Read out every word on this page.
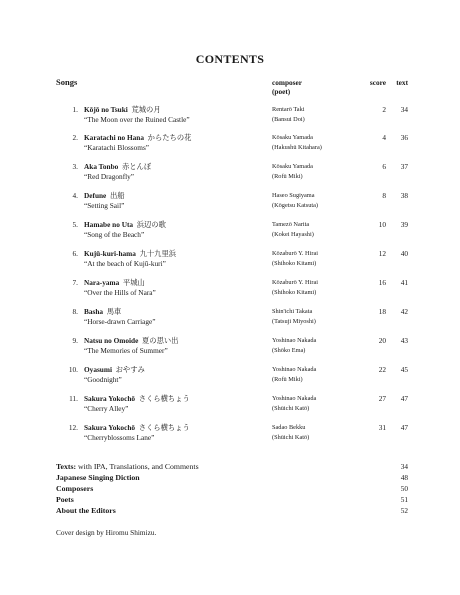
CONTENTS
Songs	composer
(poet)
score	text
1. Kōjō no Tsuki 荒城の月
“The Moon over the Ruined Castle”
Rentarō Taki
(Bansui Doi)
2	34
2. Karatachi no Hana からたちの花
“Karatachi Blossoms”
Kōsaku Yamada
(Hakushū Kitahara)
4	36
3. Aka Tonbo 赤とんぼ
“Red Dragonfly”
Kōsaku Yamada
(Rofū Miki)
6	37
4. Defune 出船
“Setting Sail”
Haseo Sugiyama
(Kōgetsu Katsuta)
8	38
5. Hamabe no Uta 浜辺の歌
“Song of the Beach”
Tamezō Narita
(Kokei Hayashi)
10	39
6. Kujū-kuri-hama 九十九里浜
“At the beach of Kujū-kuri”
Kōzaburō Y. Hirai
(Shihoko Kitami)
12	40
7. Nara-yama 平城山
“Over the Hills of Nara”
Kōzaburō Y. Hirai
(Shihoko Kitami)
16	41
8. Basha 馬車
“Horse-drawn Carriage”
Shin'ichi Takata
(Tatsuji Miyoshi)
18	42
9. Natsu no Omoide 夏の思い出
“The Memories of Summer”
Yoshinao Nakada
(Shōko Ema)
20	43
10. Oyasumi おやすみ
“Goodnight”
Yoshinao Nakada
(Rofū Miki)
22	45
11. Sakura Yokochō さくら横ちょう
“Cherry Alley”
Yoshinao Nakada
(Shūichi Katō)
27	47
12. Sakura Yokochō さくら横ちょう
“Cherryblossoms Lane”
Sadao Bekku
(Shūichi Katō)
31	47
Texts: with IPA, Translations, and Comments	34
Japanese Singing Diction	48
Composers	50
Poets	51
About the Editors	52
Cover design by Hiromu Shimizu.
